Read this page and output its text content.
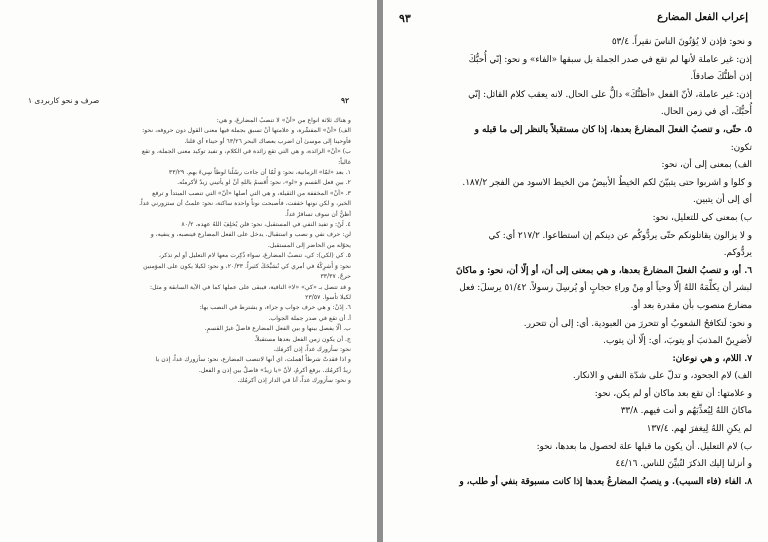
٩٢
صرف و نحو كاربردى ١

و هناك ثلاثة انواع من «أنْ» لا تنصبُ المضارعَ، و هي:

الف) «أنْ» المفسِّرة، و علامتها أنْ تسبق بجملة فيها معنى القول دون حروفه، نحو:

فأوحينا إلى موسىٰ أن اضرب بعصاك البحر ٦٣/٢٦ أو حيناء أي قلنا.

ب) «أنْ» الزائدة، و هي التي تقع زائدة في الكلام، و تفيد توكيد معنى الجملة، و تقع

غالباً:

١. بعد «لمّا» الزمانية، نحو: وَ لَمّا أن جاءت رسُلُنا لوطاً سِيءَ بهم. ٣٣/٢٩

٢. بين فعل القسم و «لو»، نحو: أُقسمُ باللهِ أنْ لو يأتيني زيدٌ لأكرمتُه.

٣. «أنْ» المخففة من الثقيلة، و هي التي أصلها «أنّ» التي تنصب المبتدأ و ترفع

الخبر، و لكن نونها خففت، فأصبحت نوناً واحدة ساكنة، نحو: علمتُ أن ستزورني غداً.

أظنُّ أن سوف تسافرُ غداً.

٤. لَنْ: و تفيد النفي في المستقبل، نحو: فلن يُخلِفَ اللهُ عهده. ٨٠/٢

لن: حرف نفي و نصب و استقبال. يدخل على الفعل المضارع فينصبه، و ينفيه، و

يحوّله من الحاضر إلى المستقبل.

٥. كي (لكي): كي، تنصبُ المضارعَ، سواء ذُكِرت معها لام التعليل أو لم تذكر،

نحو: وَ أَشرِكْهُ في أمري كي نُسَبِّحَكَ كثيراً. ٢٠/٣٣، و نحو: لكيلا يكون على المؤمنين

حرجٌ. ٣٣/٣٧

و قد تتصل بـ «كي» «لا» النافية، فيبقى على عملها كما في الآية السابقة و مثل:

لكيلا تأسوا. ٢٣/٥٧

٦. إذَنْ: و هي حرف جواب و جزاء، و يشترط في النصب بها:

أ. أن تقع في صدر جملة الجواب.

ب. ألّا يفصل بينها و بين الفعل المضارع فاصلٌ غيرُ القسمِ.

ج. أن يكون زمن الفعل بعدها مستقبلاً.

نحو: سأزورك غداً، إذن أكرمَك.

و اذا فقدتْ شرطاً أهملت، اي أنها لاتنصب المضارع، نحو: سأزورك غداً، إذن يا

زيدُ أكرمُك. برفع أكرمُ، لأنّ «يا زيدُ» فاصلٌ بين إذن و الفعل.

و نحو: سأزورك غداً، أنا في الدار إذن أكرمُك.

٩٣	إعراب الفعل المضارع

و نحو: فإذن لا يُؤتُونَ الناسَ نقيراً. ٥٣/٤

إذن: غير عاملة لأنها لم تقع في صدر الجملة بل سبقها «الفاء» و نحو: إنّي أُحبُّكَ

إذن أظنُّكَ صادقاً.

إذن: غير عاملة، لأنّ الفعل «أظنُّكَ» دالٌّ على الحال. لانه يعقب كلام القائل: إنّي

أُحبُّكَ، أي في زمن الحال.

٥. حتّى، و تنصبُ الفعلَ المضارعَ بعدها، إذا كان مستقبلاً بالنظر إلى ما قبله و

تكون:

الف) بمعنى إلى أن، نحو:

و كلوا و اشربوا حتى يتبيّنَ لكم الخيطُ الأبيضُ من الخيط الاسود من الفجر ١٨٧/٢.

أي إلى أن يتبين.

ب) بمعنى كي للتعليل، نحو:

و لا يزالون يقاتلونكم حتّى يردُّوكُم عن دينكم إن استطاعوا. ٢١٧/٢ أي: كي

يردُّوكم.

٦. أو، و تنصبُ الفعلَ المضارعَ بعدها، و هي بمعنى إلى أن، أو إلّا أن، نحو: و ماكانَ

لبشر أن يكلِّمَهُ اللهُ إلّا وحياً أو مِنْ وراءِ حجابٍ أو يُرسِلَ رسولاً. ٥١/٤٢ يرسلَ: فعل

مضارع منصوب بأن مقدرة بعد أو.

و نحو: لَتكافحُ الشعوبُ أو تتحررَ من العبودية. أي: إلى أن تتحرر.

لأضرِبنّ المذنبَ أو يتوبَ، أي: إلّا أن يتوب.

٧. اللام، و هي نوعان:

الف) لام الجحود، و تدلّ على شدّة النفي و الانكار.

و علامتها: أن تقع بعد ماكان أو لم يكن، نحو:

ماكانَ اللهُ لِيُعذِّبَهُم و أنت فيهم. ٣٣/٨

لم يكنِ اللهُ لِيغفرَ لهم. ١٣٧/٤

ب) لام التعليل. أن يكون ما قبلها علة لحصول ما بعدها، نحو:

و أنزلنا إليك الذكرَ لتُبيِّنَ للناس. ٤٤/١٦

٨. الفاء (فاء السبب). و ينصبُ المضارعُ بعدها إذا كانت مسبوقة بنفي أو طلب، و
